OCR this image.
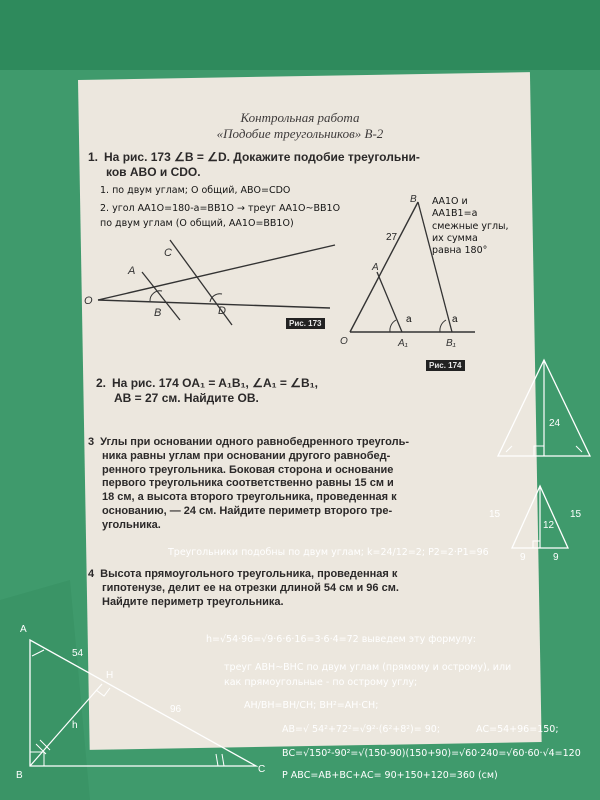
Контрольная работа
«Подобие треугольников» В-2
1. На рис. 173 ∠B = ∠D. Докажите подобие треугольни-
ков ABO и CDO.
1. по двум углам; О общий, АВО=CDO
2. угол АА1О=180-а=ВВ1О → треуг АА1О~ВВ1О
по двум углам (О общий, АА1О=ВВ1О)
O
A
B
C
D
Рис. 173
B
A
O	A₁	B₁
27
a	a
Рис. 174
АА1О и
АА1В1=а
смежные углы,
их сумма
равна 180°
2. На рис. 174 OA₁ = A₁B₁, ∠A₁ = ∠B₁,
AB = 27 см. Найдите OB.
3 Углы при основании одного равнобедренного треуголь-
ника равны углам при основании другого равнобед-
ренного треугольника. Боковая сторона и основание
первого треугольника соответственно равны 15 см и
18 см, а высота второго треугольника, проведенная к
основанию, — 24 см. Найдите периметр второго тре-
угольника.
Треугольники подобны по двум углам; k=24/12=2; Р2=2·Р1=96
4 Высота прямоугольного треугольника, проведенная к
гипотенузе, делит ее на отрезки длиной 54 см и 96 см.
Найдите периметр треугольника.
24
15	15
12
9	9
A
B
C
H
h
54
96
h=√54·96=√9·6·6·16=3·6·4=72 выведем эту формулу:
треуг АВН~ВНС по двум углам (прямому и острому), или
как прямоугольные - по острому углу;
АН/ВН=ВН/СН; ВН²=АН·СН;
АВ=√ 54²+72²=√9²·(6²+8²)= 90;	АС=54+96=150;
ВС=√150²-90²=√(150-90)(150+90)=√60·240=√60·60·√4=120
Р АВС=АВ+ВС+АС= 90+150+120=360 (см)
